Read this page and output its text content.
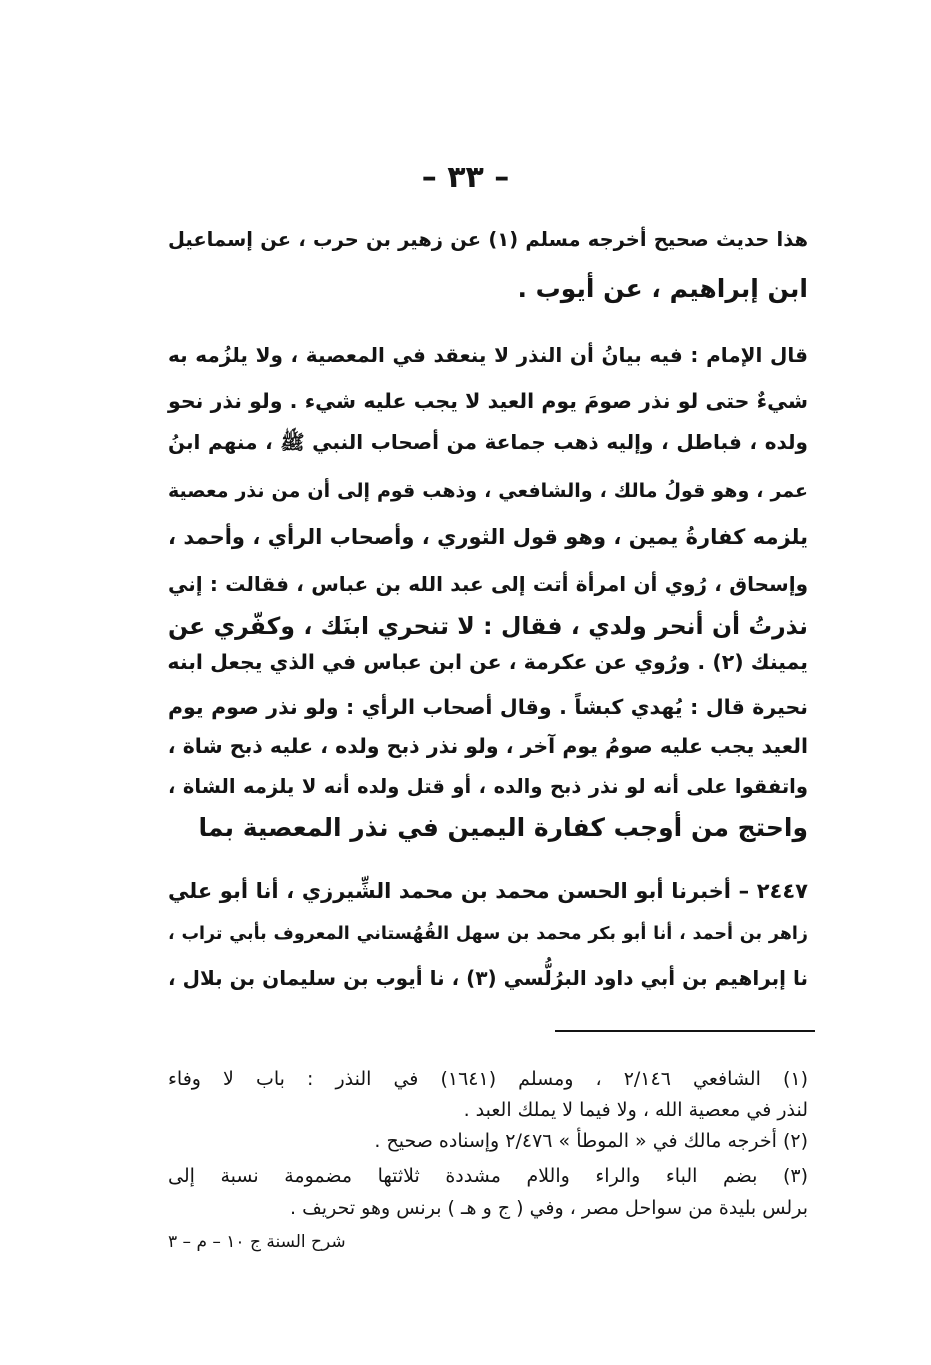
– ٣٣ –
هذا حديث صحيح أخرجه مسلم (١) عن زهير بن حرب ، عن إسماعيل
ابن إبراهيم ، عن أيوب .
قال الإمام : فيه بيانُ أن النذر لا ينعقد في المعصية ، ولا يلزُمه به
شيءٌ حتى لو نذر صومَ يوم العيد لا يجب عليه شيء . ولو نذر نحو
ولده ، فباطل ، وإليه ذهب جماعة من أصحاب النبي ﷺ ، منهم ابنُ
عمر ، وهو قولُ مالك ، والشافعي ، وذهب قوم إلى أن من نذر معصية
يلزمه كفارةُ يمين ، وهو قول الثوري ، وأصحاب الرأي ، وأحمد ،
وإسحاق ، رُوي أن امرأة أتت إلى عبد الله بن عباس ، فقالت : إني
نذرتُ أن أنحر ولدي ، فقال : لا تنحري ابنَك ، وكفّري عن
يمينك (٢) . ورُوي عن عكرمة ، عن ابن عباس في الذي يجعل ابنه
نحيرة قال : يُهدي كبشاً . وقال أصحاب الرأي : ولو نذر صوم يوم
العيد يجب عليه صومُ يوم آخر ، ولو نذر ذبح ولده ، عليه ذبح شاة ،
واتفقوا على أنه لو نذر ذبح والده ، أو قتل ولده أنه لا يلزمه الشاة ،
واحتج من أوجب كفارة اليمين في نذر المعصية بما
٢٤٤٧ – أخبرنا أبو الحسن محمد بن محمد الشِّيرزي ، أنا أبو علي
زاهر بن أحمد ، أنا أبو بكر محمد بن سهل القُهُستاني المعروف بأبي تراب ،
نا إبراهيم بن أبي داود البرُلُّسي (٣) ، نا أيوب بن سليمان بن بلال ،
(١) الشافعي ٢/١٤٦ ، ومسلم (١٦٤١) في النذر : باب لا وفاء
لنذر في معصية الله ، ولا فيما لا يملك العبد .
(٢) أخرجه مالك في « الموطأ » ٢/٤٧٦ وإسناده صحيح .
(٣) بضم الباء والراء واللام مشددة ثلاثتها مضمومة نسبة إلى
برلس بليدة من سواحل مصر ، وفي ( ج و هـ ) برنس وهو تحريف .
شرح السنة ج ١٠ – م – ٣
